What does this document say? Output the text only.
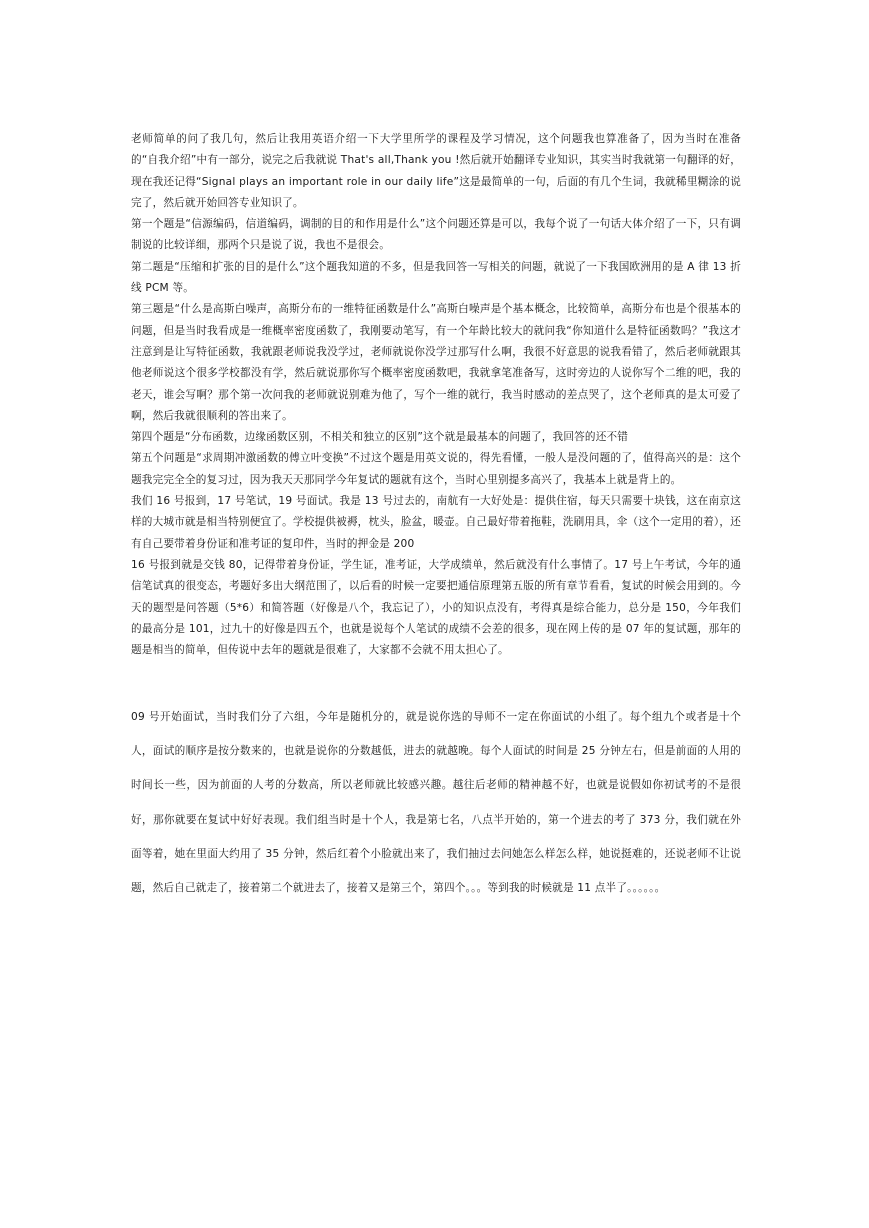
老师简单的问了我几句，然后让我用英语介绍一下大学里所学的课程及学习情况，这个问题我也算准备了，因为当时在准备的“自我介绍”中有一部分，说完之后我就说 That's all,Thank you !然后就开始翻译专业知识，其实当时我就第一句翻译的好，现在我还记得“Signal plays an important role in our daily life”这是最简单的一句，后面的有几个生词，我就稀里糊涂的说完了，然后就开始回答专业知识了。

第一个题是“信源编码，信道编码，调制的目的和作用是什么”这个问题还算是可以，我每个说了一句话大体介绍了一下，只有调制说的比较详细，那两个只是说了说，我也不是很会。

第二题是“压缩和扩张的目的是什么”这个题我知道的不多，但是我回答一写相关的问题，就说了一下我国欧洲用的是 A 律 13 折线 PCM 等。

第三题是“什么是高斯白噪声，高斯分布的一维特征函数是什么”高斯白噪声是个基本概念，比较简单，高斯分布也是个很基本的问题，但是当时我看成是一维概率密度函数了，我刚要动笔写，有一个年龄比较大的就问我“你知道什么是特征函数吗？”我这才注意到是让写特征函数，我就跟老师说我没学过，老师就说你没学过那写什么啊，我很不好意思的说我看错了，然后老师就跟其他老师说这个很多学校都没有学，然后就说那你写个概率密度函数吧，我就拿笔准备写，这时旁边的人说你写个二维的吧，我的老天，谁会写啊？那个第一次问我的老师就说别难为他了，写个一维的就行，我当时感动的差点哭了，这个老师真的是太可爱了啊，然后我就很顺利的答出来了。

第四个题是“分布函数，边缘函数区别，不相关和独立的区别”这个就是最基本的问题了，我回答的还不错

第五个问题是“求周期冲激函数的傅立叶变换”不过这个题是用英文说的，得先看懂，一般人是没问题的了，值得高兴的是：这个题我完完全全的复习过，因为我天天那同学今年复试的题就有这个，当时心里别提多高兴了，我基本上就是背上的。

我们 16 号报到，17 号笔试，19 号面试。我是 13 号过去的，南航有一大好处是：提供住宿，每天只需要十块钱，这在南京这样的大城市就是相当特别便宜了。学校提供被褥，枕头，脸盆，暖壶。自己最好带着拖鞋，洗刷用具，伞（这个一定用的着），还有自己要带着身份证和准考证的复印件，当时的押金是 200

16 号报到就是交钱 80，记得带着身份证，学生证，准考证，大学成绩单，然后就没有什么事情了。17 号上午考试，今年的通信笔试真的很变态，考题好多出大纲范围了，以后看的时候一定要把通信原理第五版的所有章节看看，复试的时候会用到的。今天的题型是问答题（5*6）和简答题（好像是八个，我忘记了），小的知识点没有，考得真是综合能力，总分是 150，今年我们的最高分是 101，过九十的好像是四五个，也就是说每个人笔试的成绩不会差的很多，现在网上传的是 07 年的复试题，那年的题是相当的简单，但传说中去年的题就是很难了，大家都不会就不用太担心了。

09 号开始面试，当时我们分了六组，今年是随机分的，就是说你选的导师不一定在你面试的小组了。每个组九个或者是十个人，面试的顺序是按分数来的，也就是说你的分数越低，进去的就越晚。每个人面试的时间是 25 分钟左右，但是前面的人用的时间长一些，因为前面的人考的分数高，所以老师就比较感兴趣。越往后老师的精神越不好，也就是说假如你初试考的不是很好，那你就要在复试中好好表现。我们组当时是十个人，我是第七名，八点半开始的，第一个进去的考了 373 分，我们就在外面等着，她在里面大约用了 35 分钟，然后红着个小脸就出来了，我们抽过去问她怎么样怎么样，她说挺难的，还说老师不让说题，然后自己就走了，接着第二个就进去了，接着又是第三个，第四个。。。等到我的时候就是 11 点半了。。。。。。
